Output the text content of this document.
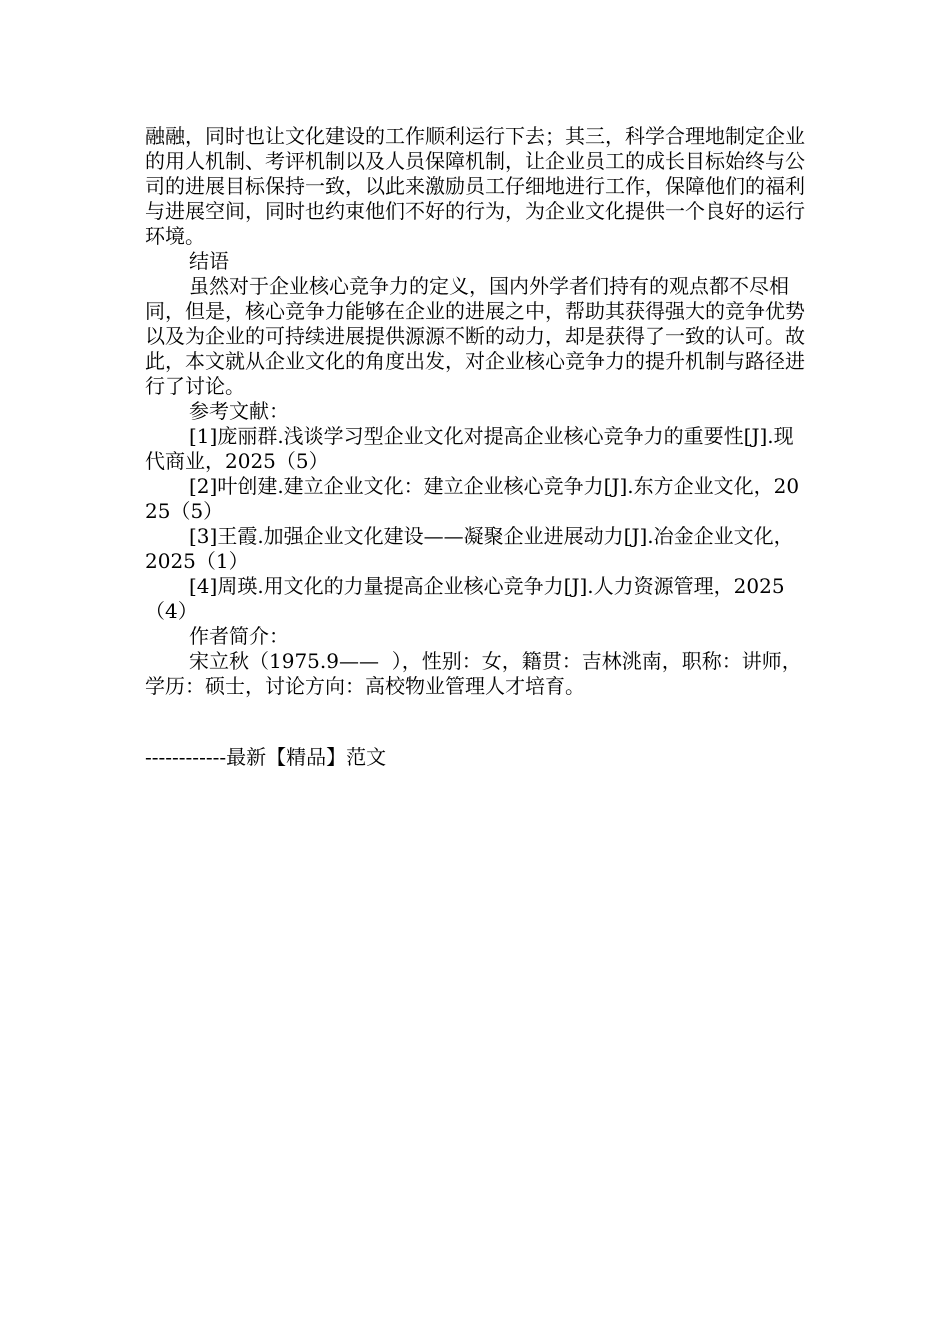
融融，同时也让文化建设的工作顺利运行下去；其三，科学合理地制定企业的用人机制、考评机制以及人员保障机制，让企业员工的成长目标始终与公司的进展目标保持一致，以此来激励员工仔细地进行工作，保障他们的福利与进展空间，同时也约束他们不好的行为，为企业文化提供一个良好的运行环境。

结语

虽然对于企业核心竞争力的定义，国内外学者们持有的观点都不尽相同，但是，核心竞争力能够在企业的进展之中，帮助其获得强大的竞争优势以及为企业的可持续进展提供源源不断的动力，却是获得了一致的认可。故此，本文就从企业文化的角度出发，对企业核心竞争力的提升机制与路径进行了讨论。

参考文献：

[1]庞丽群.浅谈学习型企业文化对提高企业核心竞争力的重要性[J].现代商业，2025（5）

[2]叶创建.建立企业文化：建立企业核心竞争力[J].东方企业文化，2025（5）

[3]王霞.加强企业文化建设——凝聚企业进展动力[J].冶金企业文化，2025（1）

[4]周瑛.用文化的力量提高企业核心竞争力[J].人力资源管理，2025（4）

作者简介：

宋立秋（1975.9——  ），性别：女，籍贯：吉林洮南，职称：讲师，学历：硕士，讨论方向：高校物业管理人才培育。

------------最新【精品】范文
